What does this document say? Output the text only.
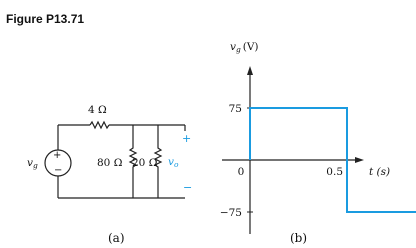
Figure P13.71
+
−
vg
4 Ω
80 Ω 20 Ω
+
vo
−
(a)
vg (V)
t (s)
75
−75
0	0.5
(b)
